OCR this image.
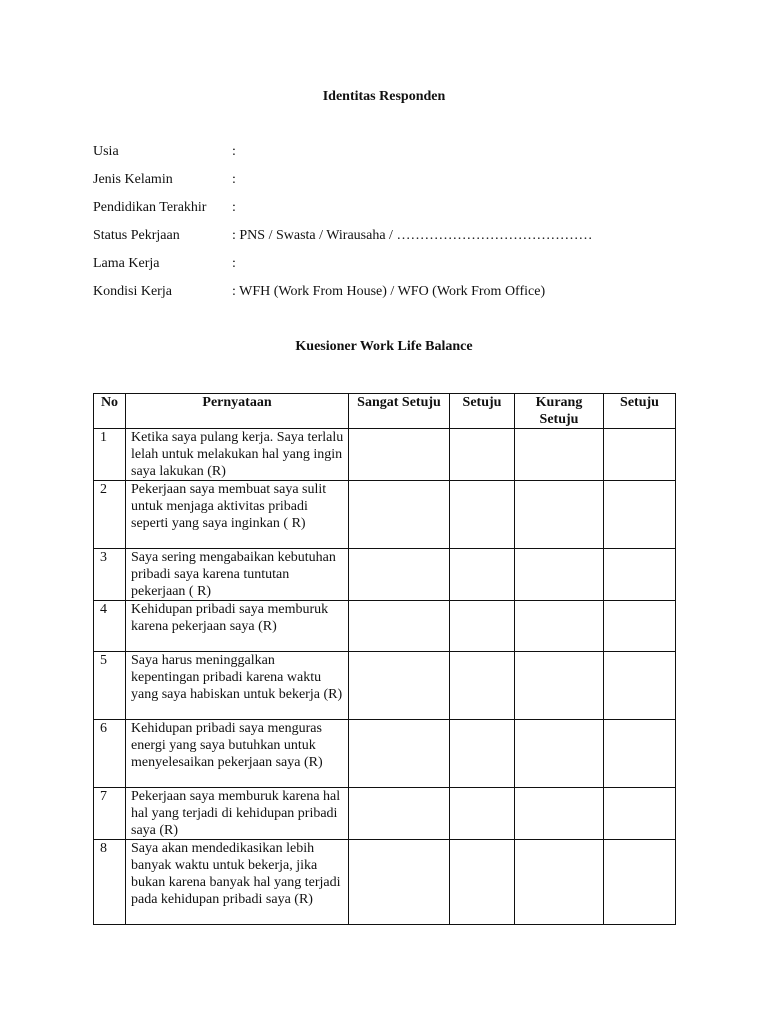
Identitas Responden
Usia	:
Jenis Kelamin	:
Pendidikan Terakhir :
Status Pekrjaan	: PNS / Swasta / Wirausaha / ……………………………………
Lama Kerja	:
Kondisi Kerja	: WFH (Work From House) / WFO (Work From Office)
Kuesioner Work Life Balance
No	Pernyataan	Sangat Setuju	Setuju	Kurang Setuju	Setuju
1	Ketika saya pulang kerja. Saya terlalu lelah untuk melakukan hal yang ingin saya lakukan (R)				
2	Pekerjaan saya membuat saya sulit untuk menjaga aktivitas pribadi seperti yang saya inginkan ( R)				
3	Saya sering mengabaikan kebutuhan pribadi saya karena tuntutan pekerjaan ( R)				
4	Kehidupan pribadi saya memburuk karena pekerjaan saya (R)				
5	Saya harus meninggalkan kepentingan pribadi karena waktu yang saya habiskan untuk bekerja (R)				
6	Kehidupan pribadi saya menguras energi yang saya butuhkan untuk menyelesaikan pekerjaan saya (R)				
7	Pekerjaan saya memburuk karena hal hal yang terjadi di kehidupan pribadi saya (R)				
8	Saya akan mendedikasikan lebih banyak waktu untuk bekerja, jika bukan karena banyak hal yang terjadi pada kehidupan pribadi saya (R)				
